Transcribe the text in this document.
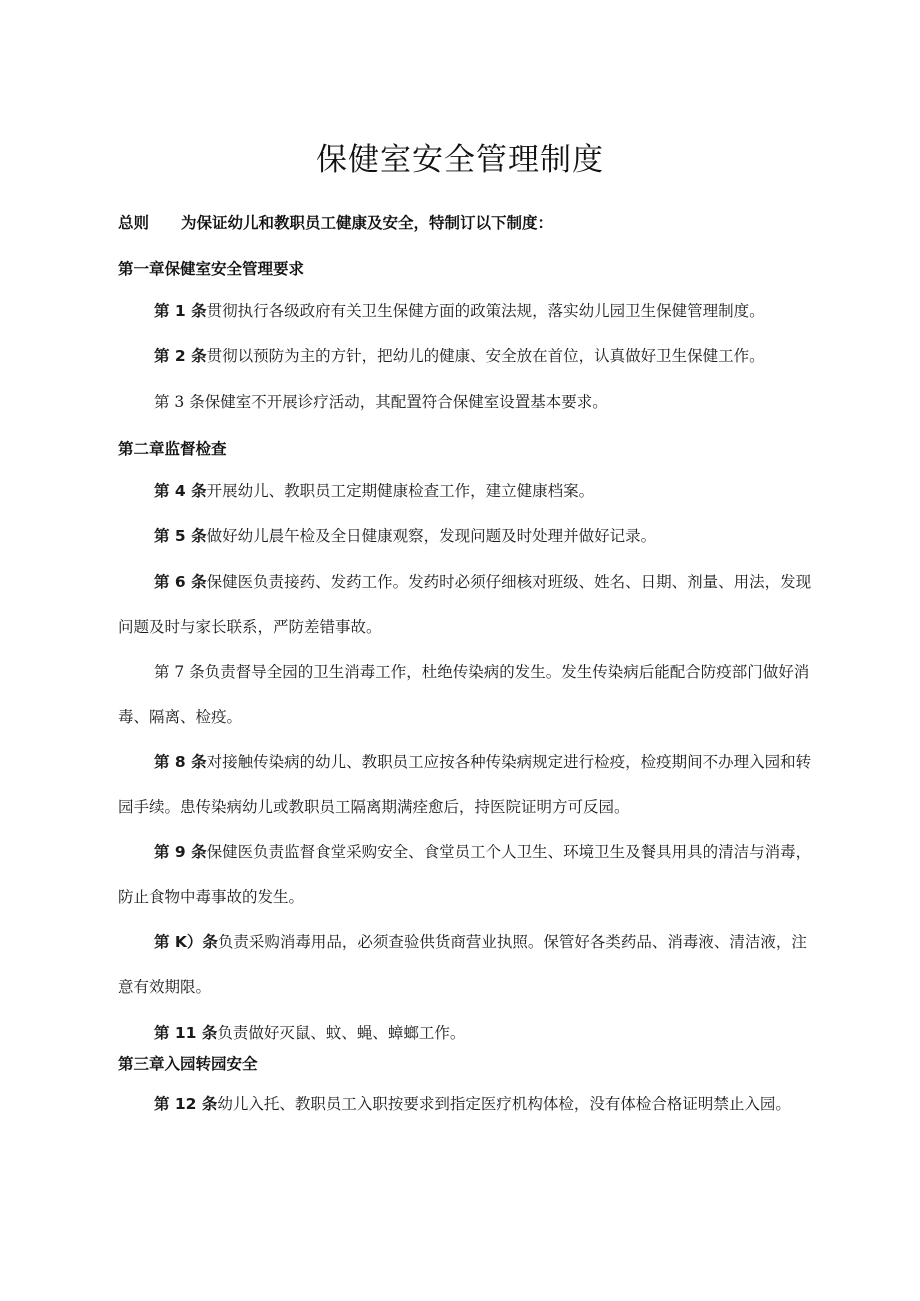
保健室安全管理制度
总则 为保证幼儿和教职员工健康及安全，特制订以下制度：
第一章保健室安全管理要求

第 1 条贯彻执行各级政府有关卫生保健方面的政策法规，落实幼儿园卫生保健管理制度。

第 2 条贯彻以预防为主的方针，把幼儿的健康、安全放在首位，认真做好卫生保健工作。

第 3 条保健室不开展诊疗活动，其配置符合保健室设置基本要求。

第二章监督检查

第 4 条开展幼儿、教职员工定期健康检查工作，建立健康档案。

第 5 条做好幼儿晨午检及全日健康观察，发现问题及时处理并做好记录。

第 6 条保健医负责接药、发药工作。发药时必须仔细核对班级、姓名、日期、剂量、用法，发现问题及时与家长联系，严防差错事故。

第 7 条负责督导全园的卫生消毒工作，杜绝传染病的发生。发生传染病后能配合防疫部门做好消毒、隔离、检疫。

第 8 条对接触传染病的幼儿、教职员工应按各种传染病规定进行检疫，检疫期间不办理入园和转园手续。患传染病幼儿或教职员工隔离期满痊愈后，持医院证明方可反园。

第 9 条保健医负责监督食堂采购安全、食堂员工个人卫生、环境卫生及餐具用具的清洁与消毒，防止食物中毒事故的发生。

第 K）条负责采购消毒用品，必须查验供货商营业执照。保管好各类药品、消毒液、清洁液，注意有效期限。

第 11 条负责做好灭鼠、蚊、蝇、蟑螂工作。

第三章入园转园安全

第 12 条幼儿入托、教职员工入职按要求到指定医疗机构体检，没有体检合格证明禁止入园。
